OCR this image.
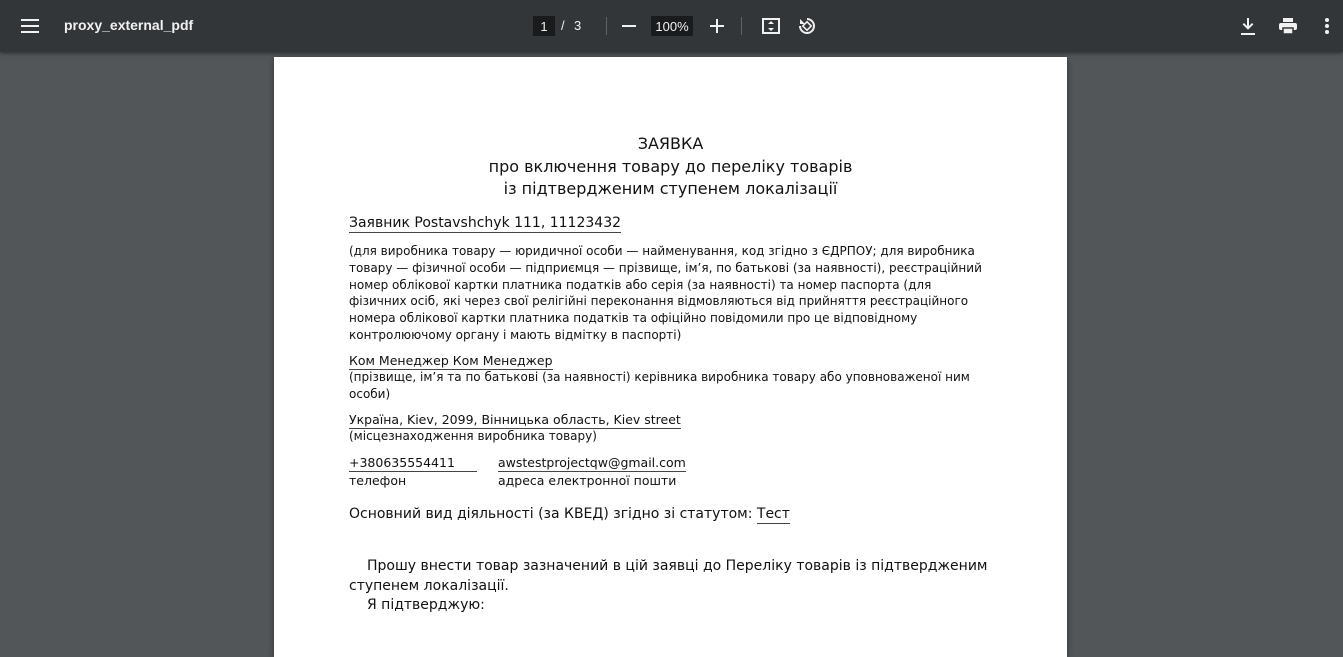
proxy_external_pdf
1	/ 3
100%
ЗАЯВКА
про включення товару до переліку товарів
із підтвердженим ступенем локалізації
Заявник Postavshchyk 111, 11123432
(для виробника товару — юридичної особи — найменування, код згідно з ЄДРПОУ; для виробника
товару — фізичної особи — підприємця — прізвище, ім’я, по батькові (за наявності), реєстраційний
номер облікової картки платника податків або серія (за наявності) та номер паспорта (для
фізичних осіб, які через свої релігійні переконання відмовляються від прийняття реєстраційного
номера облікової картки платника податків та офіційно повідомили про це відповідному
контролюючому органу і мають відмітку в паспорті)
Ком Менеджер Ком Менеджер
(прізвище, ім’я та по батькові (за наявності) керівника виробника товару або уповноваженої ним
особи)
Україна, Kiev, 2099, Вінницька область, Kiev street
(місцезнаходження виробника товару)
+380635554411
телефон
awstestprojectqw@gmail.com
адреса електронної пошти
Основний вид діяльності (за КВЕД) згідно зі статутом: Тест
Прошу внести товар зазначений в цій заявці до Переліку товарів із підтвердженим
ступенем локалізації.
Я підтверджую:
